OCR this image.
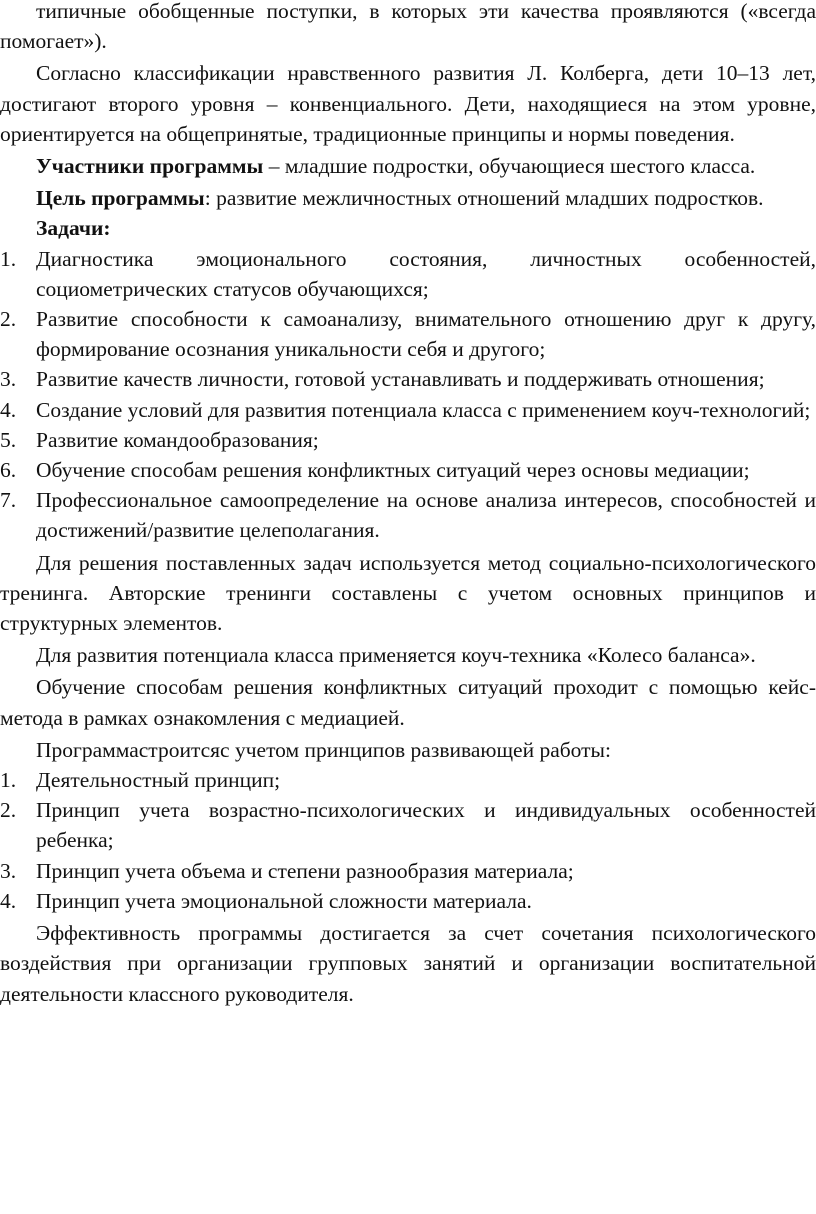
типичные обобщенные поступки, в которых эти качества проявляются («всегда помогает»).

Согласно классификации нравственного развития Л. Колберга, дети 10–13 лет, достигают второго уровня – конвенциального. Дети, находящиеся на этом уровне, ориентируется на общепринятые, традиционные принципы и нормы поведения.

Участники программы – младшие подростки, обучающиеся шестого класса.

Цель программы: развитие межличностных отношений младших подростков.

Задачи:

1. Диагностика эмоционального состояния, личностных особенностей, социометрических статусов обучающихся;
2. Развитие способности к самоанализу, внимательного отношению друг к другу, формирование осознания уникальности себя и другого;
3. Развитие качеств личности, готовой устанавливать и поддерживать отношения;
4. Создание условий для развития потенциала класса с применением коуч-технологий;
5. Развитие командообразования;
6. Обучение способам решения конфликтных ситуаций через основы медиации;
7. Профессиональное самоопределение на основе анализа интересов, способностей и достижений/развитие целеполагания.

Для решения поставленных задач используется метод социально-психологического тренинга. Авторские тренинги составлены с учетом основных принципов и структурных элементов.

Для развития потенциала класса применяется коуч-техника «Колесо баланса».

Обучение способам решения конфликтных ситуаций проходит с помощью кейс-метода в рамках ознакомления с медиацией.

Программастроитсяс учетом принципов развивающей работы:

1. Деятельностный принцип;
2. Принцип учета возрастно-психологических и индивидуальных особенностей ребенка;
3. Принцип учета объема и степени разнообразия материала;
4. Принцип учета эмоциональной сложности материала.

Эффективность программы достигается за счет сочетания психологического воздействия при организации групповых занятий и организации воспитательной деятельности классного руководителя.
